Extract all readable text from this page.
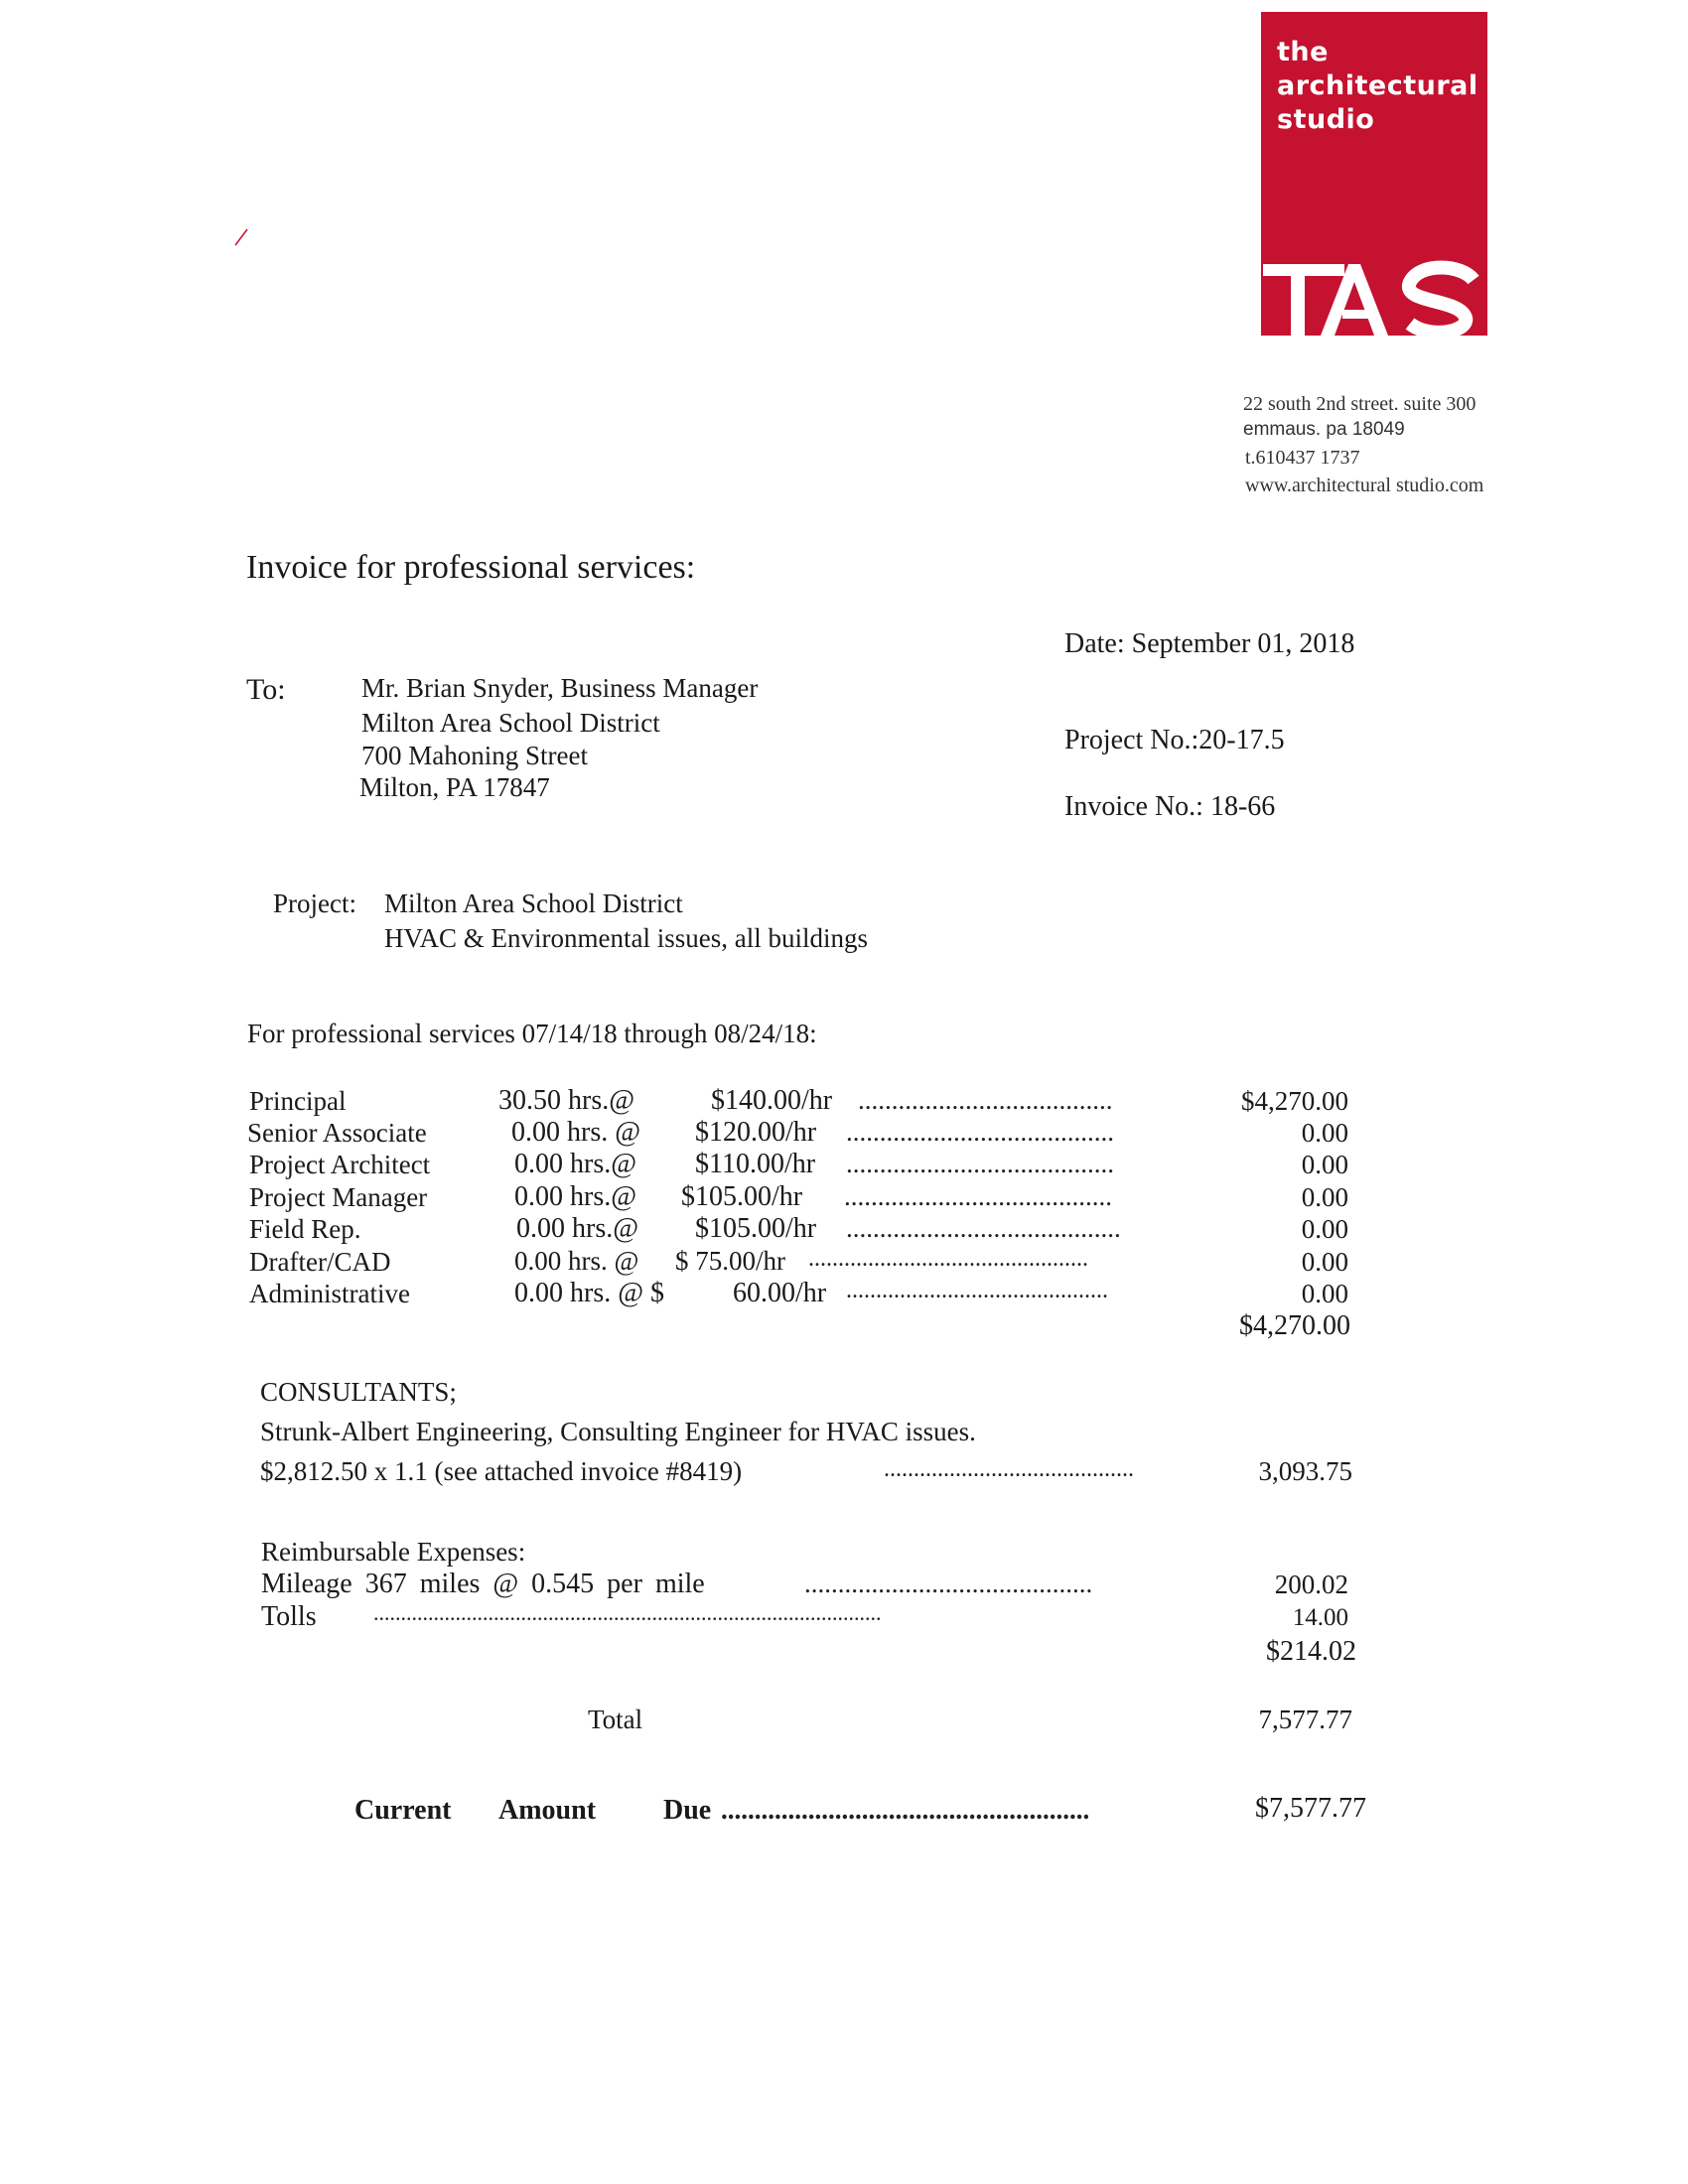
the
architectural
studio
22 south 2nd street. suite 300
emmaus. pa 18049
t.610437 1737
www.architectural studio.com
Invoice for professional services:
Date: September 01, 2018
Project No.:20-17.5
Invoice No.: 18-66
To:	Mr. Brian Snyder, Business Manager
Milton Area School District
700 Mahoning Street
Milton, PA 17847
Project: Milton Area School District
HVAC & Environmental issues, all buildings
For professional services 07/14/18 through 08/24/18:
Principal	30.50 hrs.@	$140.00/hr ......................................	$4,270.00
Senior Associate	0.00 hrs. @ $120.00/hr ........................................	0.00
Project Architect	0.00 hrs.@ $110.00/hr ........................................	0.00
Project Manager	0.00 hrs.@ $105.00/hr ........................................	0.00
Field Rep.	0.00 hrs.@ $105.00/hr .........................................	0.00
Drafter/CAD	0.00 hrs. @ $ 75.00/hr ...............................................	0.00
Administrative	0.00 hrs. @ $ 60.00/hr ............................................	0.00
$4,270.00
CONSULTANTS;
Strunk-Albert Engineering, Consulting Engineer for HVAC issues.
$2,812.50 x 1.1 (see attached invoice #8419)	..........................................	3,093.75
Reimbursable Expenses:
Mileage 367 miles @ 0.545 per mile	...........................................	200.02
Tolls	.............................................................................................	14.00
$214.02
Total	7,577.77
Current Amount Due .......................................................	$7,577.77
